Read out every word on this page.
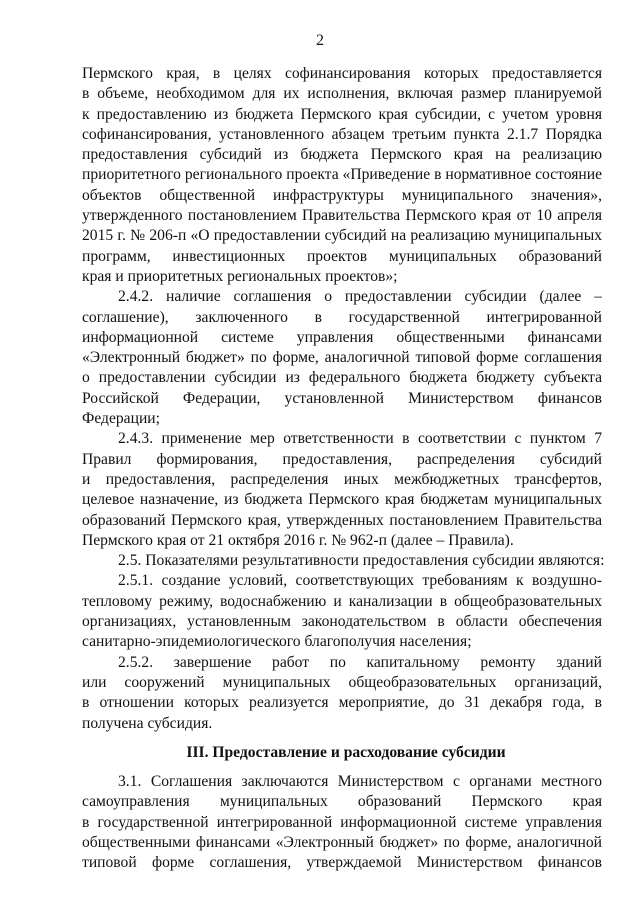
2
Пермского края, в целях софинансирования которых предоставляется
в объеме, необходимом для их исполнения, включая размер планируемой
к предоставлению из бюджета Пермского края субсидии, с учетом уровня
софинансирования, установленного абзацем третьим пункта 2.1.7 Порядка
предоставления субсидий из бюджета Пермского края на реализацию
приоритетного регионального проекта «Приведение в нормативное состояние
объектов общественной инфраструктуры муниципального значения»,
утвержденного постановлением Правительства Пермского края от 10 апреля
2015 г. № 206-п «О предоставлении субсидий на реализацию муниципальных
программ, инвестиционных проектов муниципальных образований
края и приоритетных региональных проектов»;
2.4.2. наличие соглашения о предоставлении субсидии (далее –
соглашение), заключенного в государственной интегрированной
информационной системе управления общественными финансами
«Электронный бюджет» по форме, аналогичной типовой форме соглашения
о предоставлении субсидии из федерального бюджета бюджету субъекта
Российской Федерации, установленной Министерством финансов
Федерации;
2.4.3. применение мер ответственности в соответствии с пунктом 7
Правил формирования, предоставления, распределения субсидий
и предоставления, распределения иных межбюджетных трансфертов,
целевое назначение, из бюджета Пермского края бюджетам муниципальных
образований Пермского края, утвержденных постановлением Правительства
Пермского края от 21 октября 2016 г. № 962-п (далее – Правила).
2.5. Показателями результативности предоставления субсидии являются:
2.5.1. создание условий, соответствующих требованиям к воздушно-
тепловому режиму, водоснабжению и канализации в общеобразовательных
организациях, установленным законодательством в области обеспечения
санитарно-эпидемиологического благополучия населения;
2.5.2. завершение работ по капитальному ремонту зданий
или сооружений муниципальных общеобразовательных организаций,
в отношении которых реализуется мероприятие, до 31 декабря года, в
получена субсидия.
III. Предоставление и расходование субсидии
3.1. Соглашения заключаются Министерством с органами местного
самоуправления муниципальных образований Пермского края
в государственной интегрированной информационной системе управления
общественными финансами «Электронный бюджет» по форме, аналогичной
типовой форме соглашения, утверждаемой Министерством финансов
